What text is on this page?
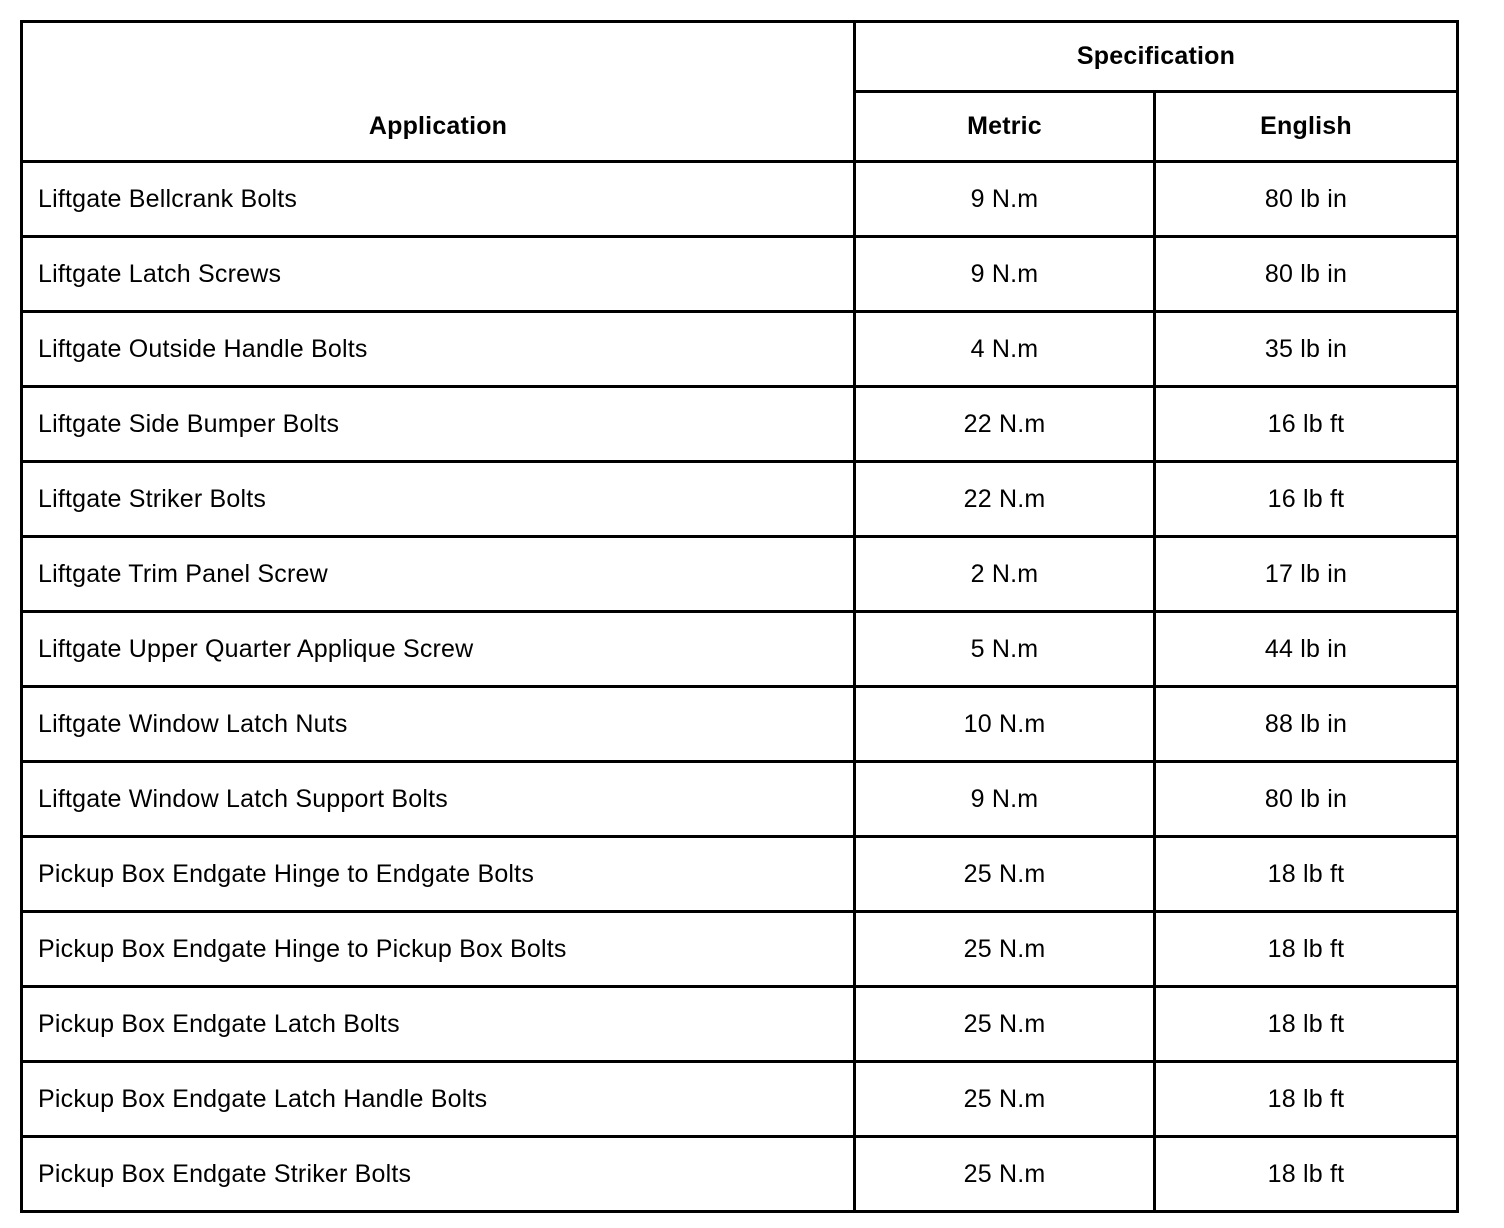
Application	Specification	
	Metric	English
Liftgate Bellcrank Bolts	9 N.m	80 lb in
Liftgate Latch Screws	9 N.m	80 lb in
Liftgate Outside Handle Bolts	4 N.m	35 lb in
Liftgate Side Bumper Bolts	22 N.m	16 lb ft
Liftgate Striker Bolts	22 N.m	16 lb ft
Liftgate Trim Panel Screw	2 N.m	17 lb in
Liftgate Upper Quarter Applique Screw	5 N.m	44 lb in
Liftgate Window Latch Nuts	10 N.m	88 lb in
Liftgate Window Latch Support Bolts	9 N.m	80 lb in
Pickup Box Endgate Hinge to Endgate Bolts	25 N.m	18 lb ft
Pickup Box Endgate Hinge to Pickup Box Bolts	25 N.m	18 lb ft
Pickup Box Endgate Latch Bolts	25 N.m	18 lb ft
Pickup Box Endgate Latch Handle Bolts	25 N.m	18 lb ft
Pickup Box Endgate Striker Bolts	25 N.m	18 lb ft
